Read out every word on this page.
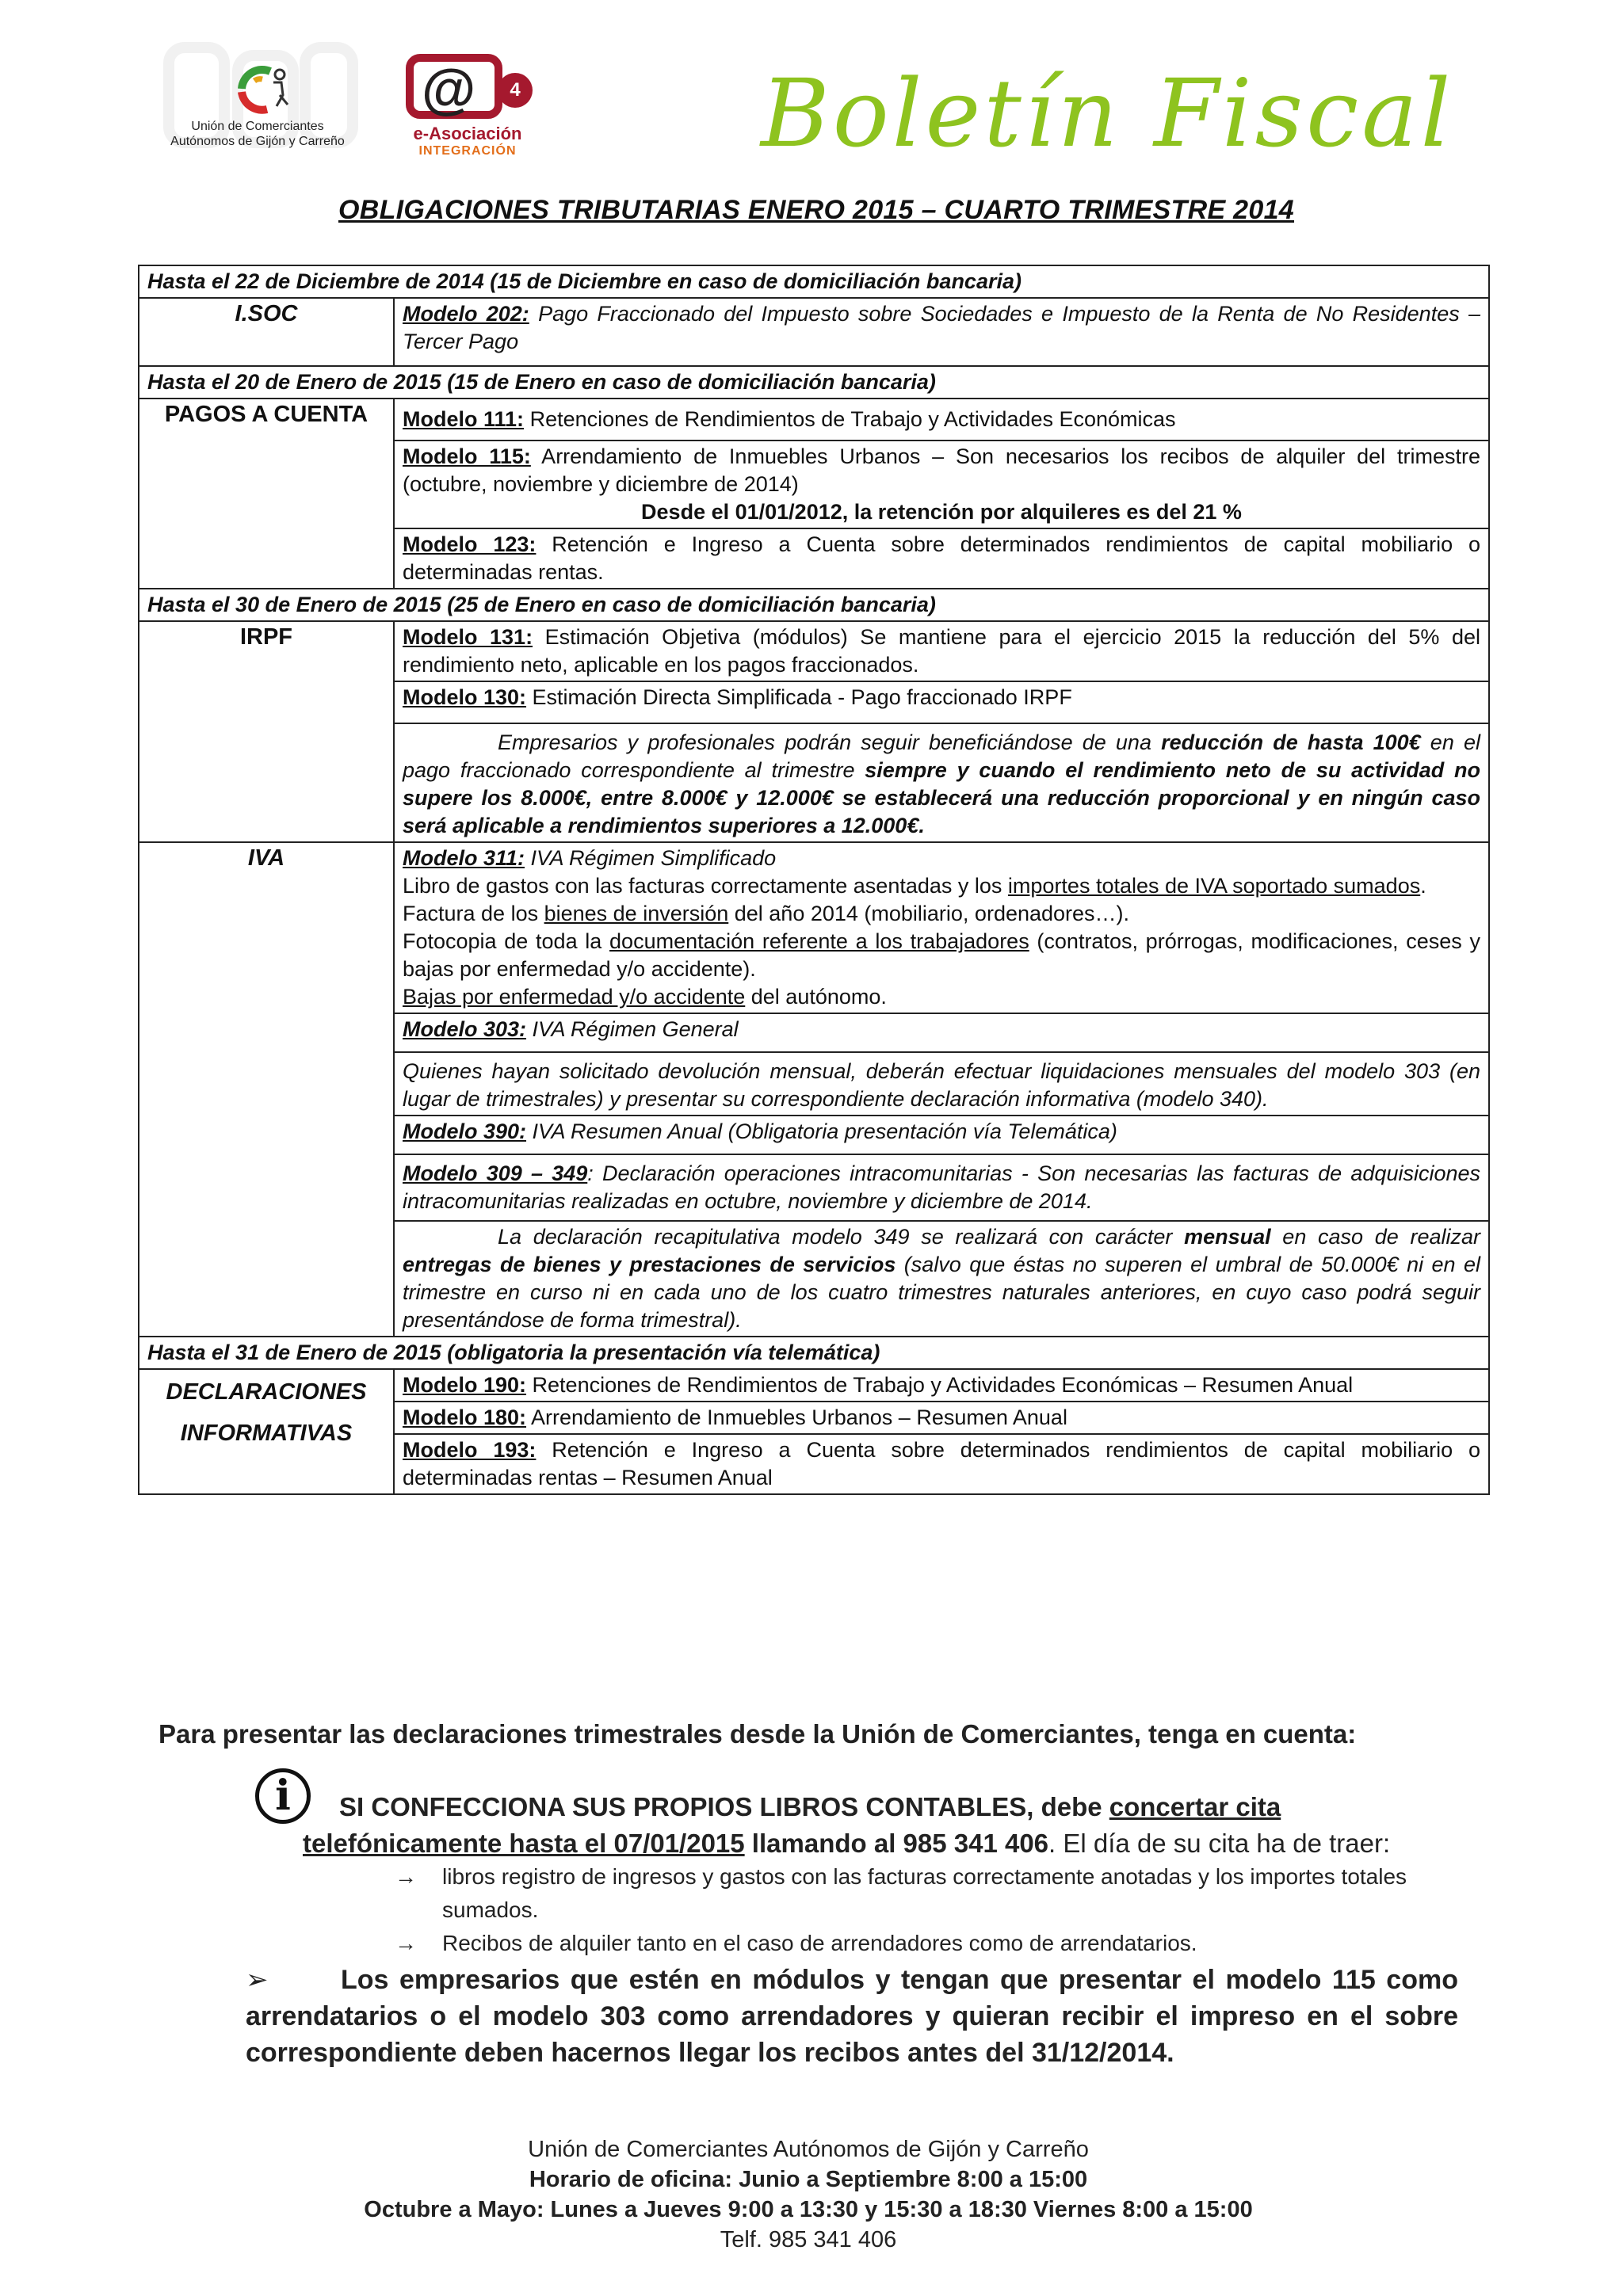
Unión de Comerciantes
Autónomos de Gijón y Carreño
@	4
e-Asociación
INTEGRACIÓN	Boletín Fiscal
OBLIGACIONES TRIBUTARIAS ENERO 2015 – CUARTO TRIMESTRE 2014
Hasta el 22 de Diciembre de 2014 (15 de Diciembre en caso de domiciliación bancaria)	
I.SOC	Modelo 202: Pago Fraccionado del Impuesto sobre Sociedades e Impuesto de la Renta de No Residentes – Tercer Pago
Hasta el 20 de Enero de 2015 (15 de Enero en caso de domiciliación bancaria)	
PAGOS A CUENTA	Modelo 111: Retenciones de Rendimientos de Trabajo y Actividades Económicas

	Modelo 115: Arrendamiento de Inmuebles Urbanos – Son necesarios los recibos de alquiler del trimestre (octubre, noviembre y diciembre de 2014)
Desde el 01/01/2012, la retención por alquileres es del 21 %

	Modelo 123: Retención e Ingreso a Cuenta sobre determinados rendimientos de capital mobiliario o determinadas rentas.
Hasta el 30 de Enero de 2015 (25 de Enero en caso de domiciliación bancaria)	
IRPF	Modelo 131: Estimación Objetiva (módulos) Se mantiene para el ejercicio 2015 la reducción del 5% del rendimiento neto, aplicable en los pagos fraccionados.
	Modelo 130: Estimación Directa Simplificada - Pago fraccionado IRPF
	Empresarios y profesionales podrán seguir beneficiándose de una reducción de hasta 100€ en el pago fraccionado correspondiente al trimestre siempre y cuando el rendimiento neto de su actividad no supere los 8.000€, entre 8.000€ y 12.000€ se establecerá una reducción proporcional y en ningún caso será aplicable a rendimientos superiores a 12.000€.
IVA	Modelo 311: IVA Régimen Simplificado
Libro de gastos con las facturas correctamente asentadas y los importes totales de IVA soportado sumados.
Factura de los bienes de inversión del año 2014 (mobiliario, ordenadores…).
Fotocopia de toda la documentación referente a los trabajadores (contratos, prórrogas, modificaciones, ceses y bajas por enfermedad y/o accidente).
Bajas por enfermedad y/o accidente del autónomo.

	Modelo 303: IVA Régimen General
	Quienes hayan solicitado devolución mensual, deberán efectuar liquidaciones mensuales del modelo 303 (en lugar de trimestrales) y presentar su correspondiente declaración informativa (modelo 340).
	Modelo 390: IVA Resumen Anual (Obligatoria presentación vía Telemática)
	Modelo 309 – 349: Declaración operaciones intracomunitarias - Son necesarias las facturas de adquisiciones intracomunitarias realizadas en octubre, noviembre y diciembre de 2014.
	La declaración recapitulativa modelo 349 se realizará con carácter mensual en caso de realizar entregas de bienes y prestaciones de servicios (salvo que éstas no superen el umbral de 50.000€ ni en el trimestre en curso ni en cada uno de los cuatro trimestres naturales anteriores, en cuyo caso podrá seguir presentándose de forma trimestral).
Hasta el 31 de Enero de 2015 (obligatoria la presentación vía telemática)	

DECLARACIONES
INFORMATIVAS	Modelo 190: Retenciones de Rendimientos de Trabajo y Actividades Económicas – Resumen Anual
	Modelo 180: Arrendamiento de Inmuebles Urbanos – Resumen Anual
	Modelo 193: Retención e Ingreso a Cuenta sobre determinados rendimientos de capital mobiliario o determinadas rentas – Resumen Anual
Para presentar las declaraciones trimestrales desde la Unión de Comerciantes, tenga en cuenta:
i	SI CONFECCIONA SUS PROPIOS LIBROS CONTABLES, debe concertar cita telefónicamente hasta el 07/01/2015 llamando al 985 341 406. El día de su cita ha de traer:

→ libros registro de ingresos y gastos con las facturas correctamente anotadas y los importes totales sumados.
→ Recibos de alquiler tanto en el caso de arrendadores como de arrendatarios.
➢	Los empresarios que estén en módulos y tengan que presentar el modelo 115 como arrendatarios o el modelo 303 como arrendadores y quieran recibir el impreso en el sobre correspondiente deben hacernos llegar los recibos antes del 31/12/2014.
Unión de Comerciantes Autónomos de Gijón y Carreño
Horario de oficina: Junio a Septiembre 8:00 a 15:00
Octubre a Mayo: Lunes a Jueves 9:00 a 13:30 y 15:30 a 18:30 Viernes 8:00 a 15:00
Telf. 985 341 406
